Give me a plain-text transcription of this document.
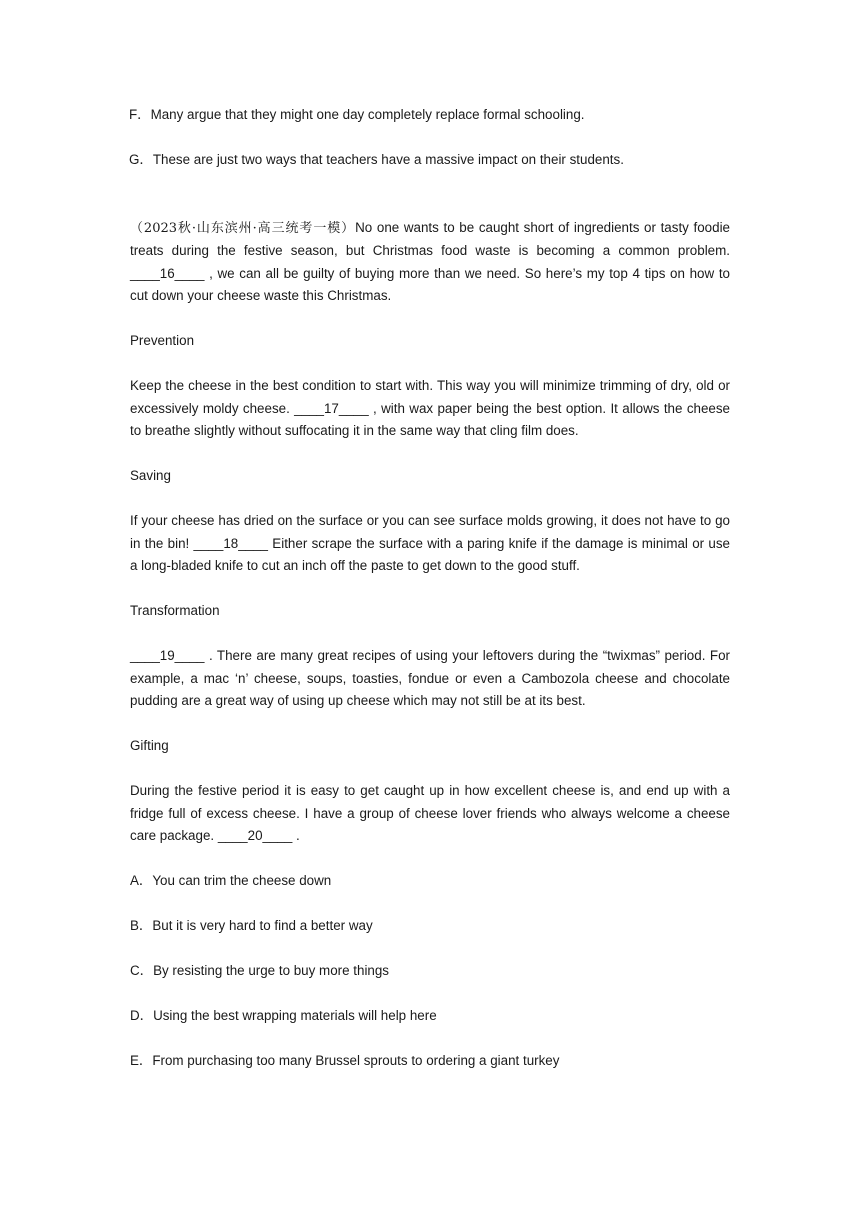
F．Many argue that they might one day completely replace formal schooling.
G．These are just two ways that teachers have a massive impact on their students.

（2023秋·山东滨州·高三统考一模）No one wants to be caught short of ingredients or tasty foodie treats during the festive season, but Christmas food waste is becoming a common problem. ____16____ , we can all be guilty of buying more than we need. So here’s my top 4 tips on how to cut down your cheese waste this Christmas.

Prevention

Keep the cheese in the best condition to start with. This way you will minimize trimming of dry, old or excessively moldy cheese. ____17____ , with wax paper being the best option. It allows the cheese to breathe slightly without suffocating it in the same way that cling film does.

Saving

If your cheese has dried on the surface or you can see surface molds growing, it does not have to go in the bin! ____18____ Either scrape the surface with a paring knife if the damage is minimal or use a long-bladed knife to cut an inch off the paste to get down to the good stuff.

Transformation

____19____ . There are many great recipes of using your leftovers during the “twixmas” period. For example, a mac ‘n’ cheese, soups, toasties, fondue or even a Cambozola cheese and chocolate pudding are a great way of using up cheese which may not still be at its best.

Gifting

During the festive period it is easy to get caught up in how excellent cheese is, and end up with a fridge full of excess cheese. I have a group of cheese lover friends who always welcome a cheese care package. ____20____ .

A．You can trim the cheese down
B．But it is very hard to find a better way
C．By resisting the urge to buy more things
D．Using the best wrapping materials will help here
E．From purchasing too many Brussel sprouts to ordering a giant turkey
